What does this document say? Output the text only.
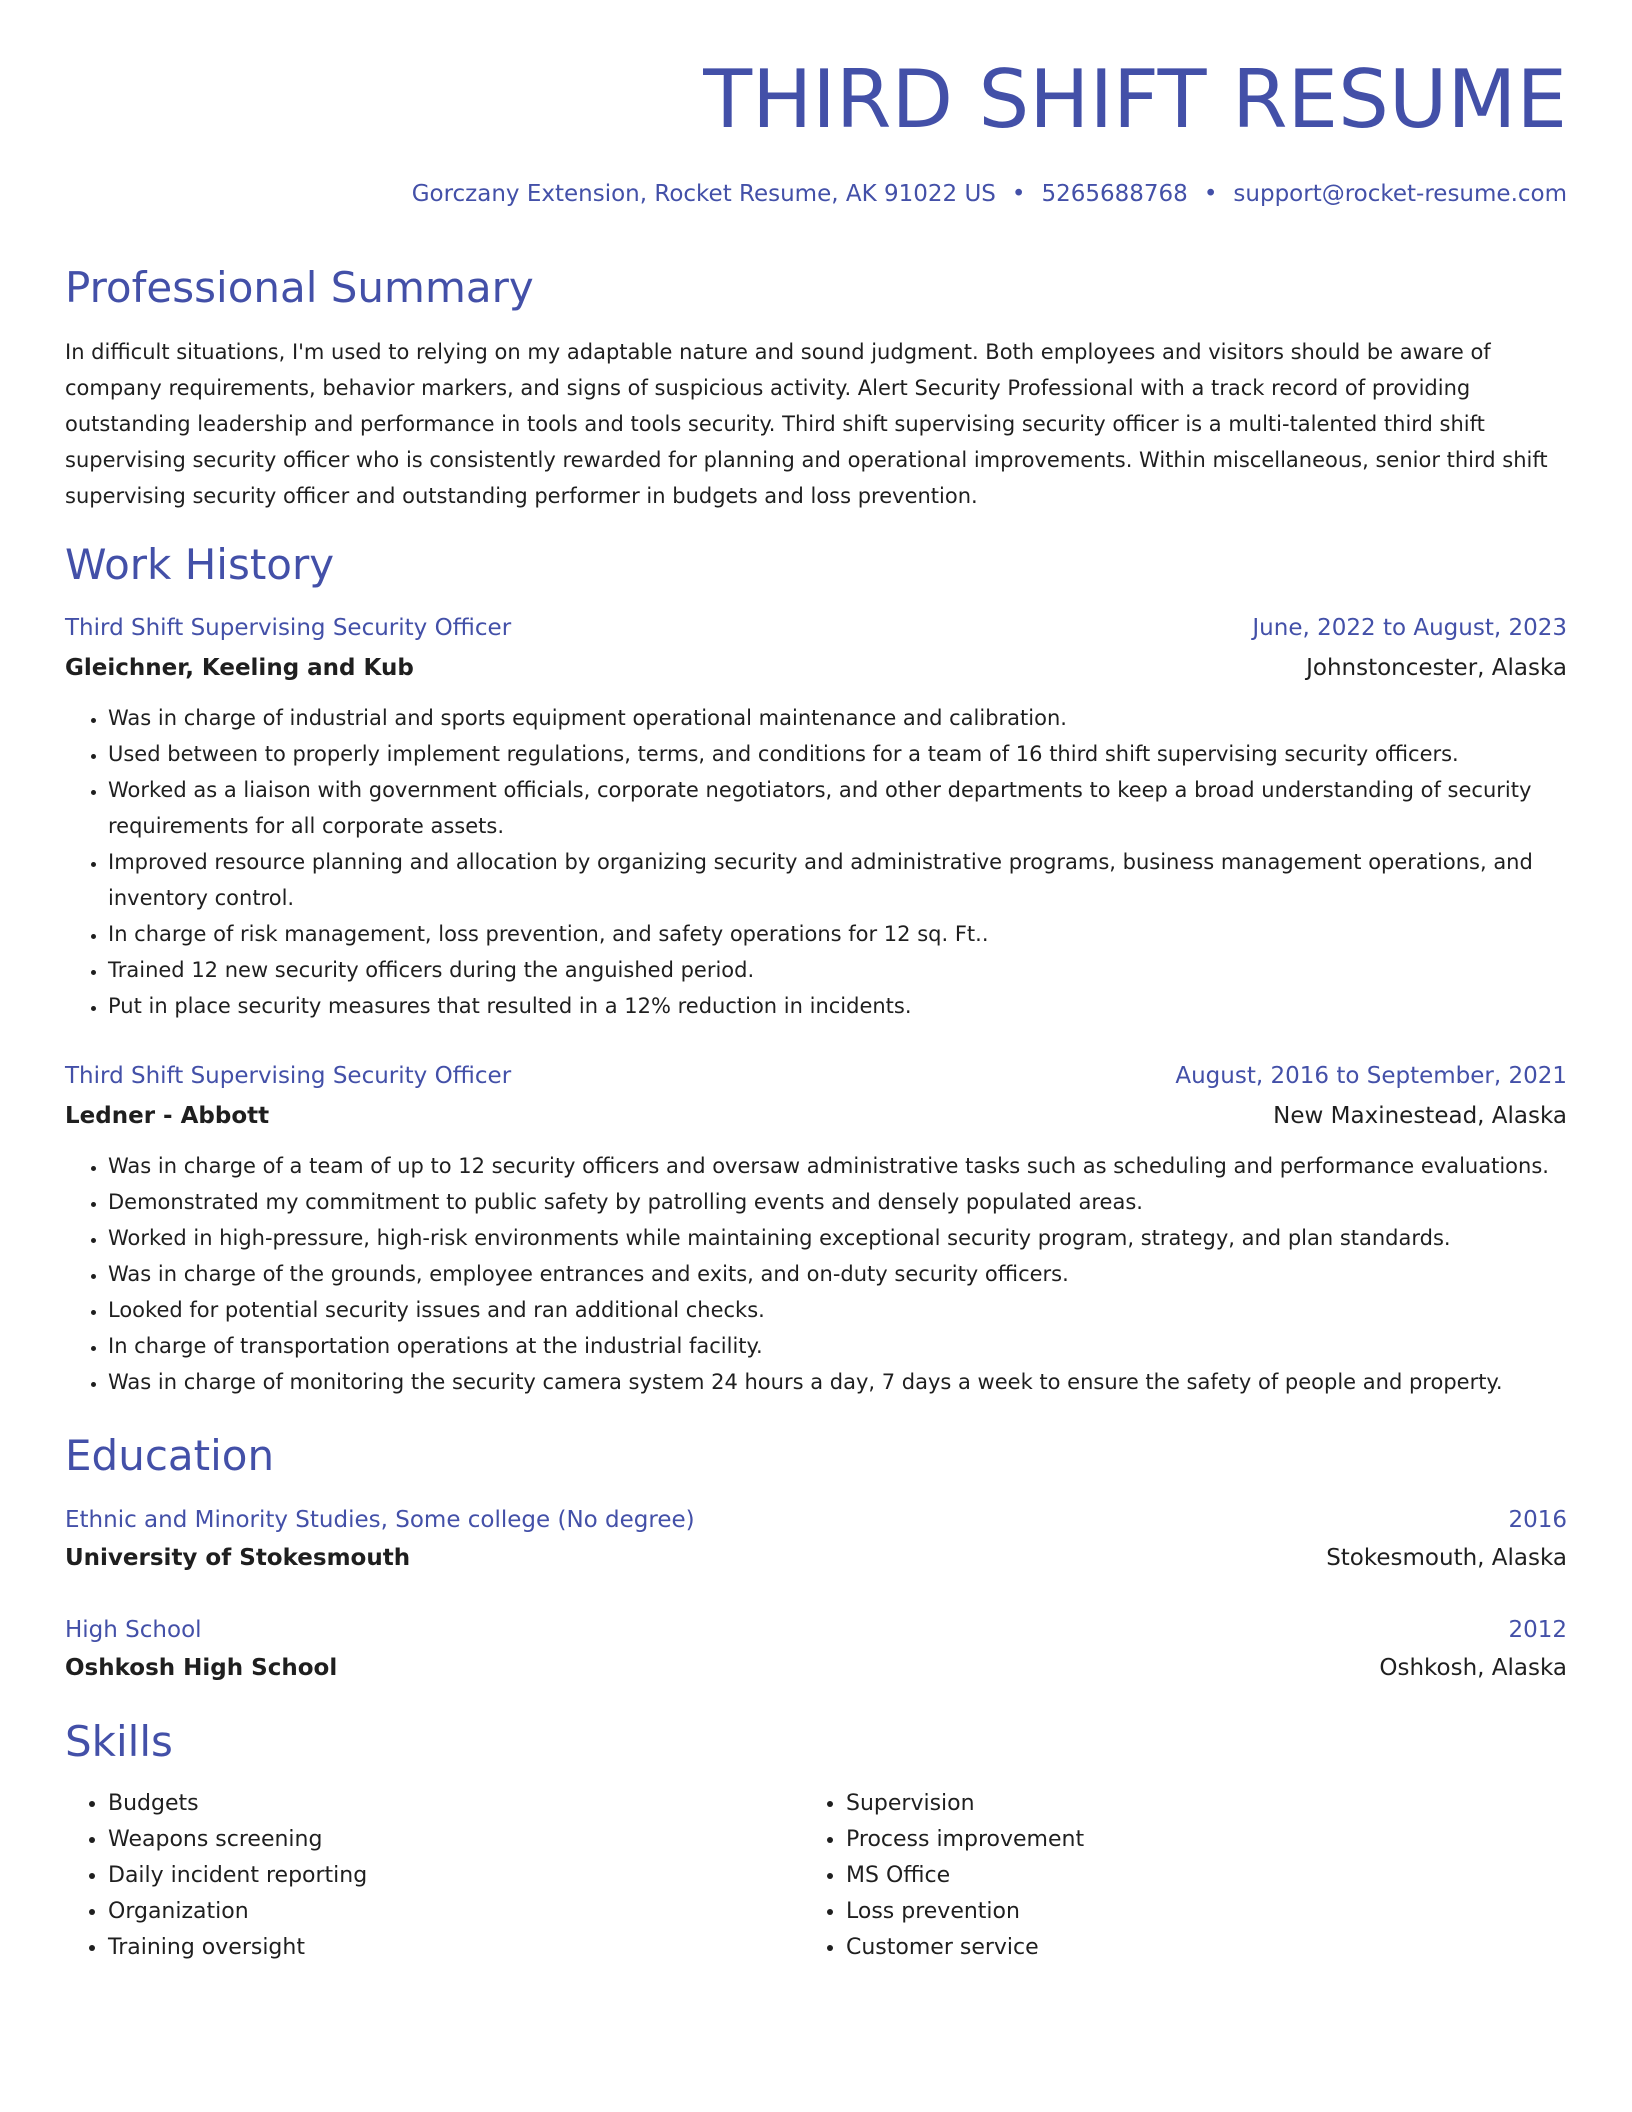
THIRD SHIFT RESUME
Gorczany Extension, Rocket Resume, AK 91022 US • 5265688768 • support@rocket-resume.com
Professional Summary

In difficult situations, I'm used to relying on my adaptable nature and sound judgment. Both employees and visitors should be aware of company requirements, behavior markers, and signs of suspicious activity. Alert Security Professional with a track record of providing outstanding leadership and performance in tools and tools security. Third shift supervising security officer is a multi-talented third shift supervising security officer who is consistently rewarded for planning and operational improvements. Within miscellaneous, senior third shift supervising security officer and outstanding performer in budgets and loss prevention.

Work History
Third Shift Supervising Security Officer	June, 2022 to August, 2023
Gleichner, Keeling and Kub	Johnstoncester, Alaska
• Was in charge of industrial and sports equipment operational maintenance and calibration.
• Used between to properly implement regulations, terms, and conditions for a team of 16 third shift supervising security officers.
• Worked as a liaison with government officials, corporate negotiators, and other departments to keep a broad understanding of security requirements for all corporate assets.
• Improved resource planning and allocation by organizing security and administrative programs, business management operations, and inventory control.
• In charge of risk management, loss prevention, and safety operations for 12 sq. Ft..
• Trained 12 new security officers during the anguished period.
• Put in place security measures that resulted in a 12% reduction in incidents.
Third Shift Supervising Security Officer	August, 2016 to September, 2021
Ledner - Abbott	New Maxinestead, Alaska
• Was in charge of a team of up to 12 security officers and oversaw administrative tasks such as scheduling and performance evaluations.
• Demonstrated my commitment to public safety by patrolling events and densely populated areas.
• Worked in high-pressure, high-risk environments while maintaining exceptional security program, strategy, and plan standards.
• Was in charge of the grounds, employee entrances and exits, and on-duty security officers.
• Looked for potential security issues and ran additional checks.
• In charge of transportation operations at the industrial facility.
• Was in charge of monitoring the security camera system 24 hours a day, 7 days a week to ensure the safety of people and property.
Education
Ethnic and Minority Studies, Some college (No degree)	2016
University of Stokesmouth	Stokesmouth, Alaska
High School	2012
Oshkosh High School	Oshkosh, Alaska
Skills
• Budgets
• Weapons screening
• Daily incident reporting
• Organization
• Training oversight
• Supervision
• Process improvement
• MS Office
• Loss prevention
• Customer service
